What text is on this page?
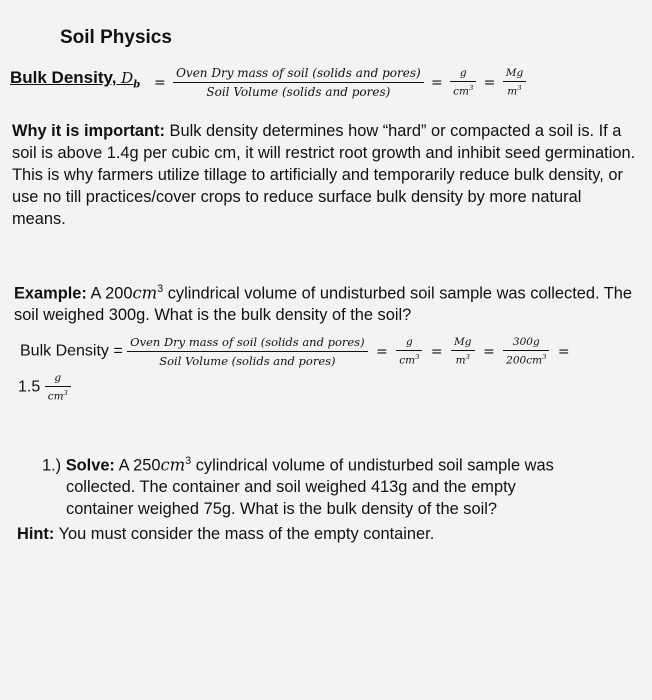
Soil Physics
Bulk Density, $D_b = \frac{\text{Oven Dry mass of soil (solids and pores)}}{\text{Soil Volume (solids and pores)}} = \frac{g}{cm^3} = \frac{Mg}{m^3}$
Why it is important: Bulk density determines how “hard” or compacted a soil is. If a soil is above 1.4g per cubic cm, it will restrict root growth and inhibit seed germination. This is why farmers utilize tillage to artificially and temporarily reduce bulk density, or use no till practices/cover crops to reduce surface bulk density by more natural means.
Example: A $200cm^3$ cylindrical volume of undisturbed soil sample was collected. The soil weighed 300g. What is the bulk density of the soil?
Bulk Density = $\frac{\text{Oven Dry mass of soil (solids and pores)}}{\text{Soil Volume (solids and pores)}} = \frac{g}{cm^3} = \frac{Mg}{m^3} = \frac{300g}{200cm^3}$ =
$1.5 \frac{g}{cm^3}$
1.) Solve: A $250cm^3$ cylindrical volume of undisturbed soil sample was
collected. The container and soil weighed 413g and the empty
container weighed 75g. What is the bulk density of the soil?
Hint: You must consider the mass of the empty container.
